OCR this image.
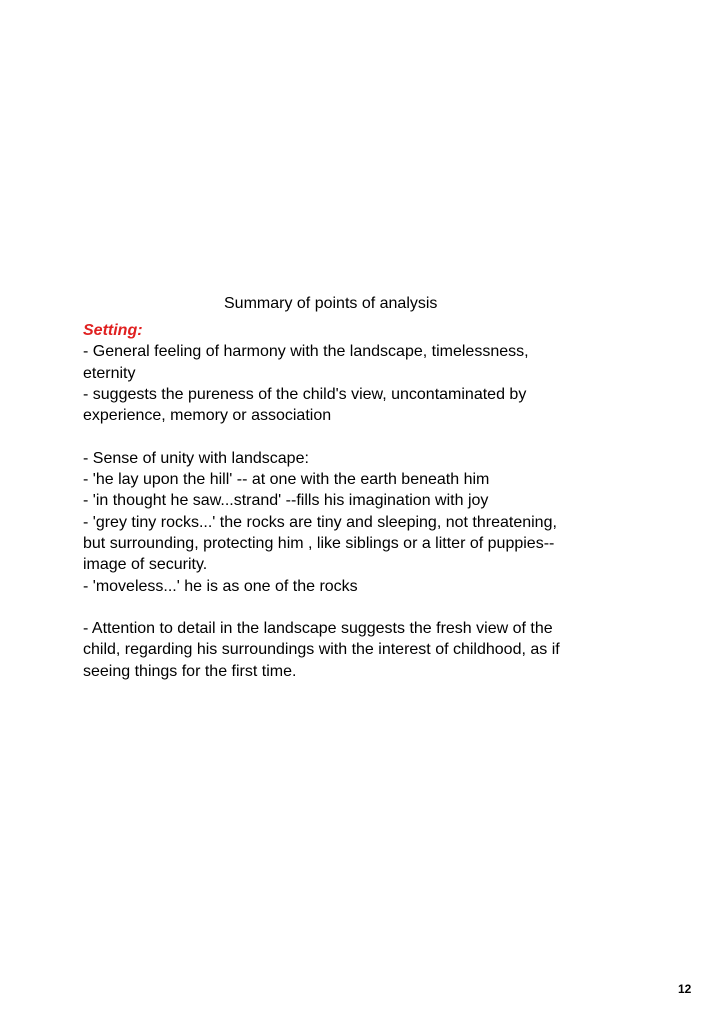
Summary of points of analysis
Setting:
- General feeling of harmony with the landscape, timelessness,
eternity
- suggests the pureness of the child's view, uncontaminated by
experience, memory or association
- Sense of unity with landscape:
- 'he lay upon the hill' -- at one with the earth beneath him
- 'in thought he saw...strand' --fills his imagination with joy
- 'grey tiny rocks...' the rocks are tiny and sleeping, not threatening,
but surrounding, protecting him , like siblings or a litter of puppies--
image of security.
- 'moveless...' he is as one of the rocks
- Attention to detail in the landscape suggests the fresh view of the
child, regarding his surroundings with the interest of childhood, as if
seeing things for the first time.
12
